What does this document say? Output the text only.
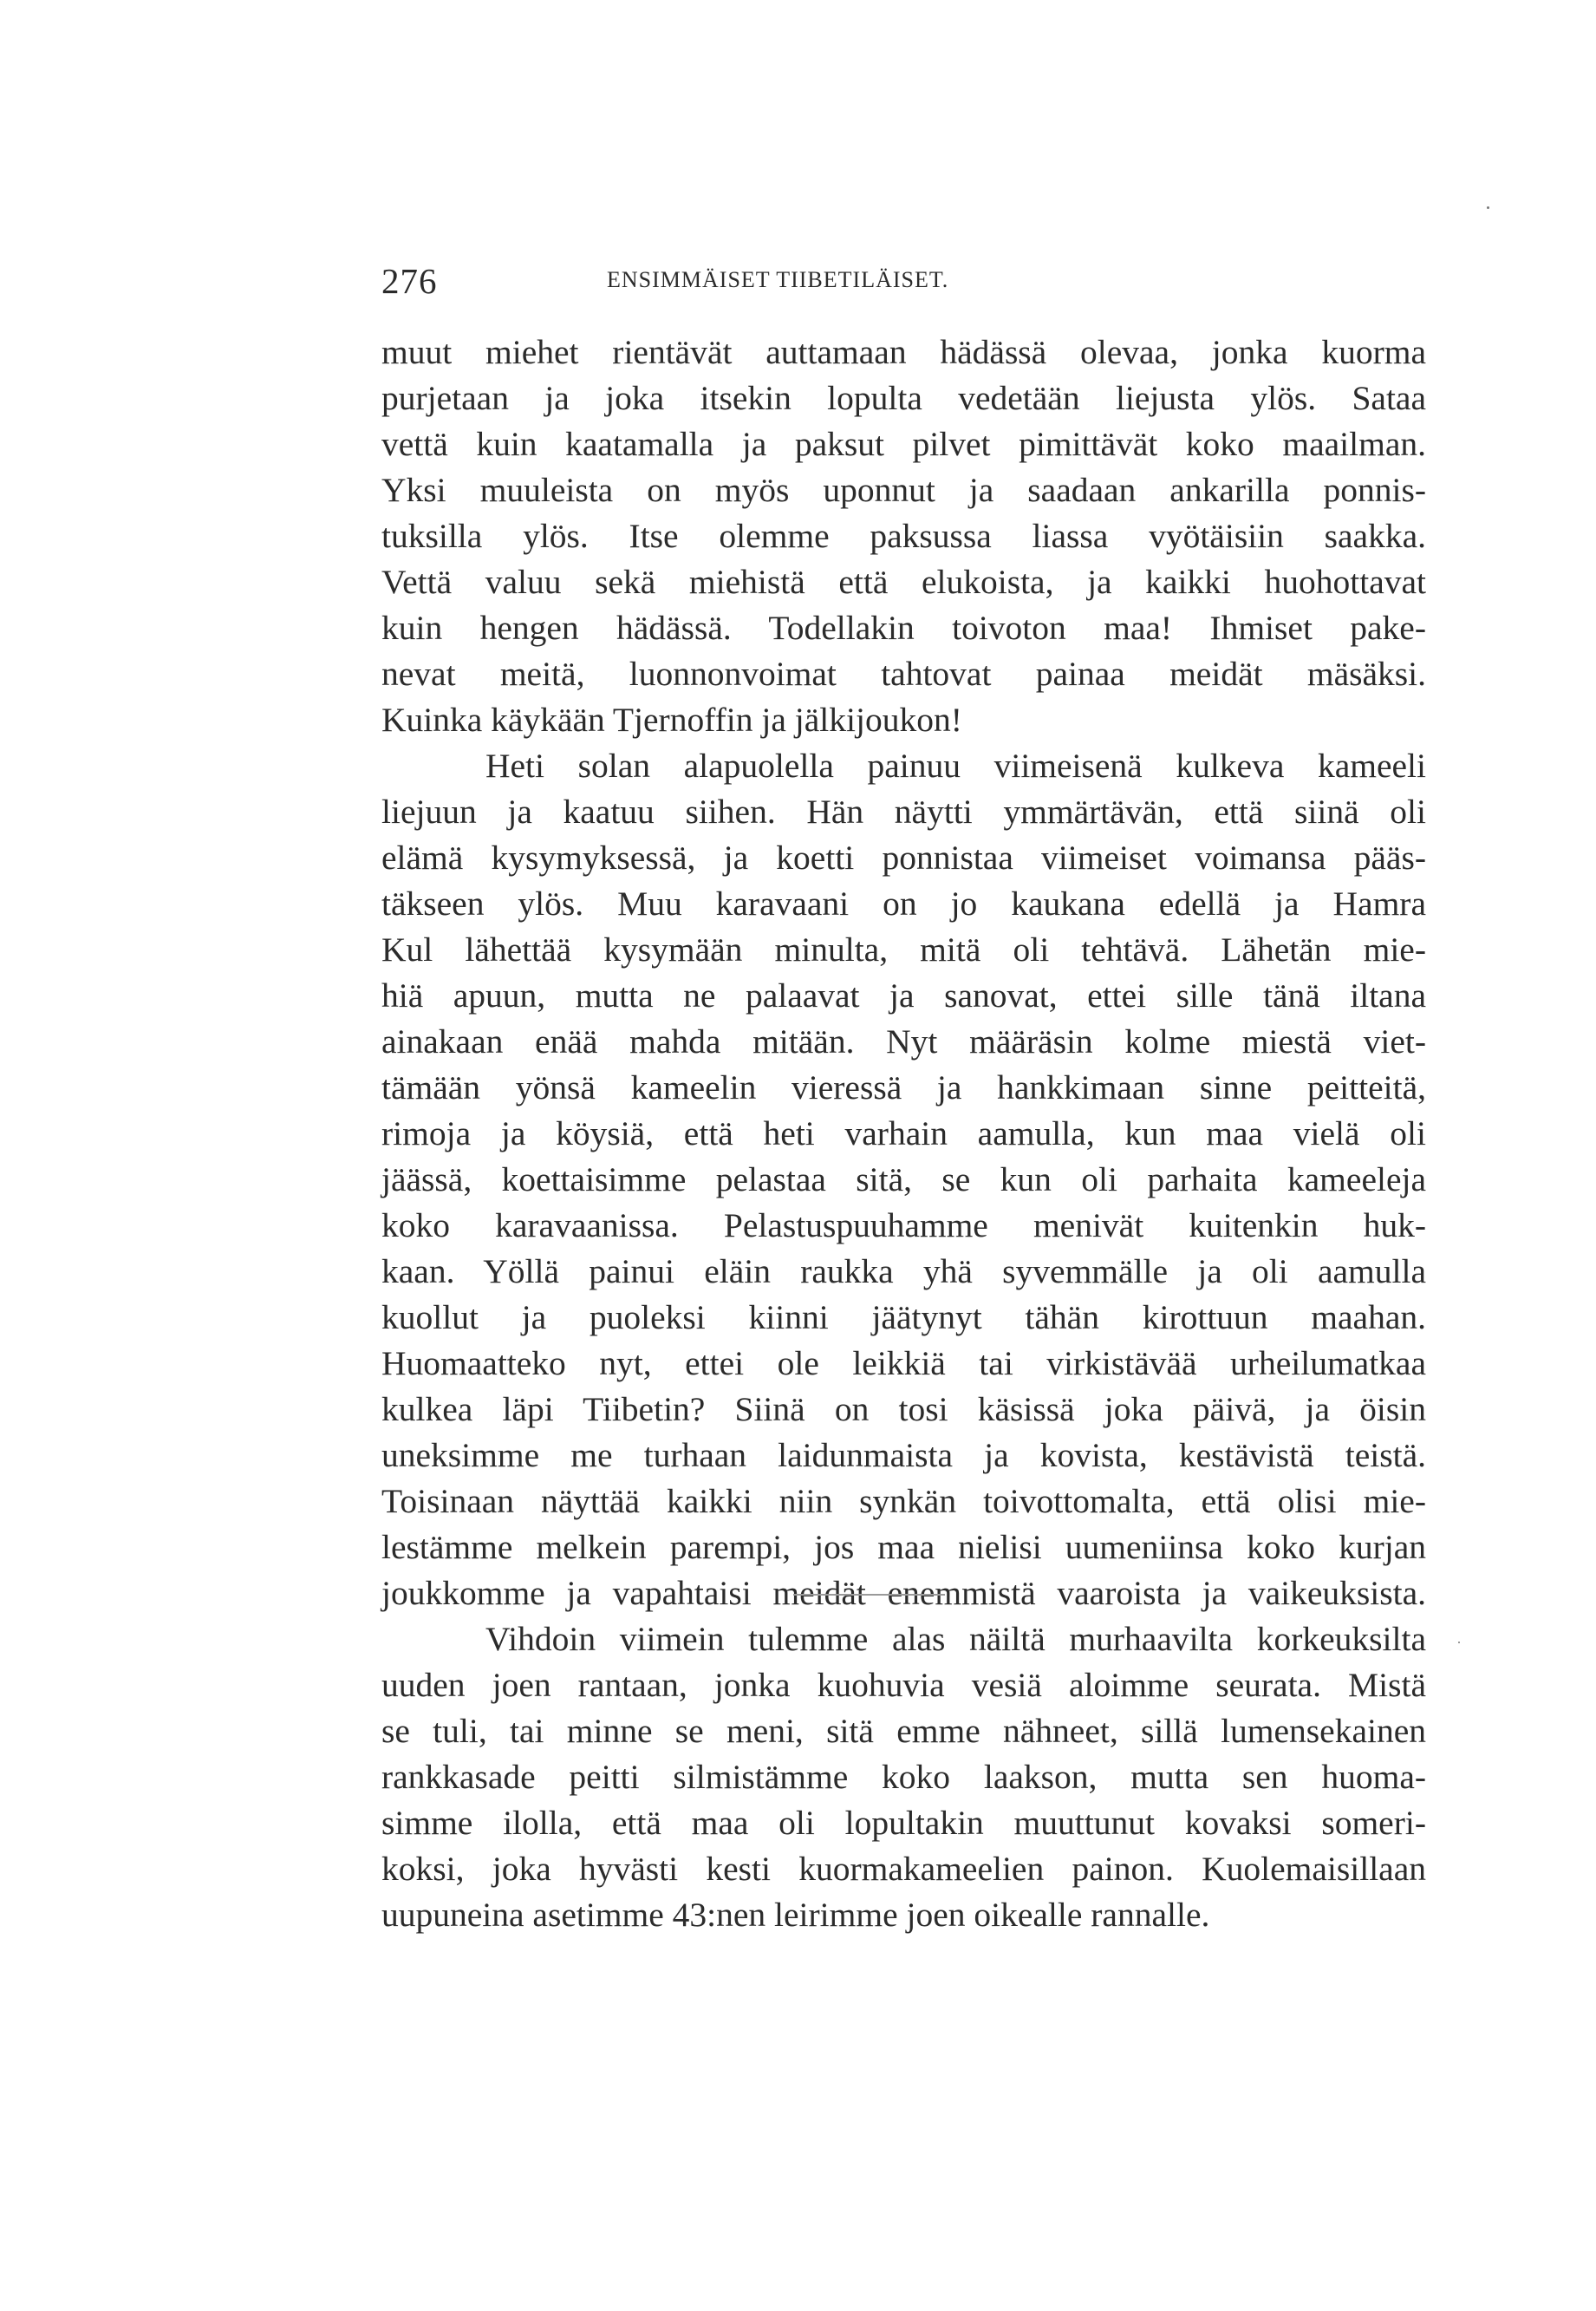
276	ENSIMMÄISET TIIBETILÄISET.
muut miehet rientävät auttamaan hädässä olevaa, jonka kuorma
purjetaan ja joka itsekin lopulta vedetään liejusta ylös. Sataa
vettä kuin kaatamalla ja paksut pilvet pimittävät koko maailman.
Yksi muuleista on myös uponnut ja saadaan ankarilla ponnis-
tuksilla ylös. Itse olemme paksussa liassa vyötäisiin saakka.
Vettä valuu sekä miehistä että elukoista, ja kaikki huohottavat
kuin hengen hädässä. Todellakin toivoton maa! Ihmiset pake-
nevat meitä, luonnonvoimat tahtovat painaa meidät mäsäksi.
Kuinka käykään Tjernoffin ja jälkijoukon!
Heti solan alapuolella painuu viimeisenä kulkeva kameeli
liejuun ja kaatuu siihen. Hän näytti ymmärtävän, että siinä oli
elämä kysymyksessä, ja koetti ponnistaa viimeiset voimansa pääs-
täkseen ylös. Muu karavaani on jo kaukana edellä ja Hamra
Kul lähettää kysymään minulta, mitä oli tehtävä. Lähetän mie-
hiä apuun, mutta ne palaavat ja sanovat, ettei sille tänä iltana
ainakaan enää mahda mitään. Nyt määräsin kolme miestä viet-
tämään yönsä kameelin vieressä ja hankkimaan sinne peitteitä,
rimoja ja köysiä, että heti varhain aamulla, kun maa vielä oli
jäässä, koettaisimme pelastaa sitä, se kun oli parhaita kameeleja
koko karavaanissa. Pelastuspuuhamme menivät kuitenkin huk-
kaan. Yöllä painui eläin raukka yhä syvemmälle ja oli aamulla
kuollut ja puoleksi kiinni jäätynyt tähän kirottuun maahan.
Huomaatteko nyt, ettei ole leikkiä tai virkistävää urheilumatkaa
kulkea läpi Tiibetin? Siinä on tosi käsissä joka päivä, ja öisin
uneksimme me turhaan laidunmaista ja kovista, kestävistä teistä.
Toisinaan näyttää kaikki niin synkän toivottomalta, että olisi mie-
lestämme melkein parempi, jos maa nielisi uumeniinsa koko kurjan
joukkomme ja vapahtaisi meidät enemmistä vaaroista ja vaikeuksista.
Vihdoin viimein tulemme alas näiltä murhaavilta korkeuksilta
uuden joen rantaan, jonka kuohuvia vesiä aloimme seurata. Mistä
se tuli, tai minne se meni, sitä emme nähneet, sillä lumensekainen
rankkasade peitti silmistämme koko laakson, mutta sen huoma-
simme ilolla, että maa oli lopultakin muuttunut kovaksi someri-
koksi, joka hyvästi kesti kuormakameelien painon. Kuolemaisillaan
uupuneina asetimme 43:nen leirimme joen oikealle rannalle.
